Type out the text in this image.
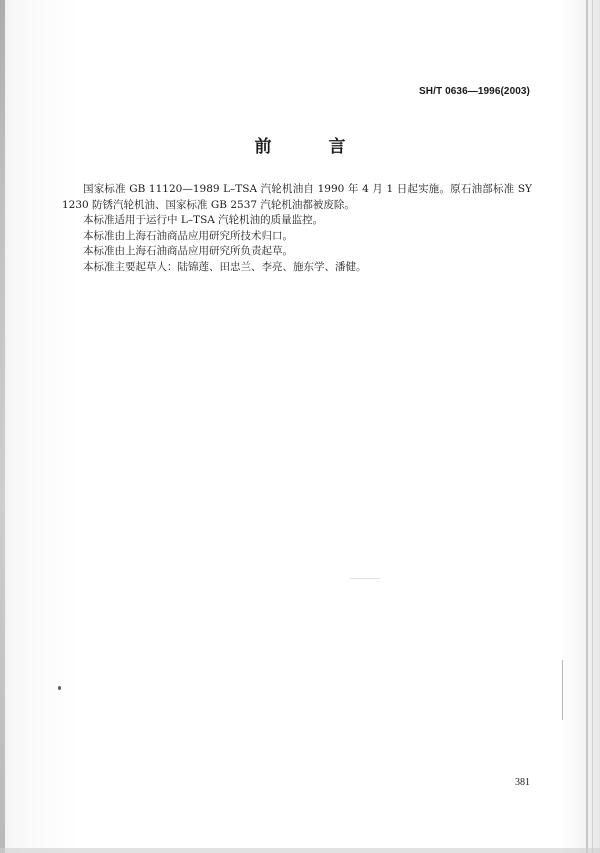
SH/T 0636—1996(2003)
前　言

国家标准 GB 11120—1989 L–TSA 汽轮机油自 1990 年 4 月 1 日起实施。原石油部标准 SY 1230 防锈汽轮机油、国家标准 GB 2537 汽轮机油都被废除。

本标准适用于运行中 L–TSA 汽轮机油的质量监控。

本标准由上海石油商品应用研究所技术归口。

本标准由上海石油商品应用研究所负责起草。

本标准主要起草人：陆锦莲、田忠兰、李亮、施东学、潘健。

381
